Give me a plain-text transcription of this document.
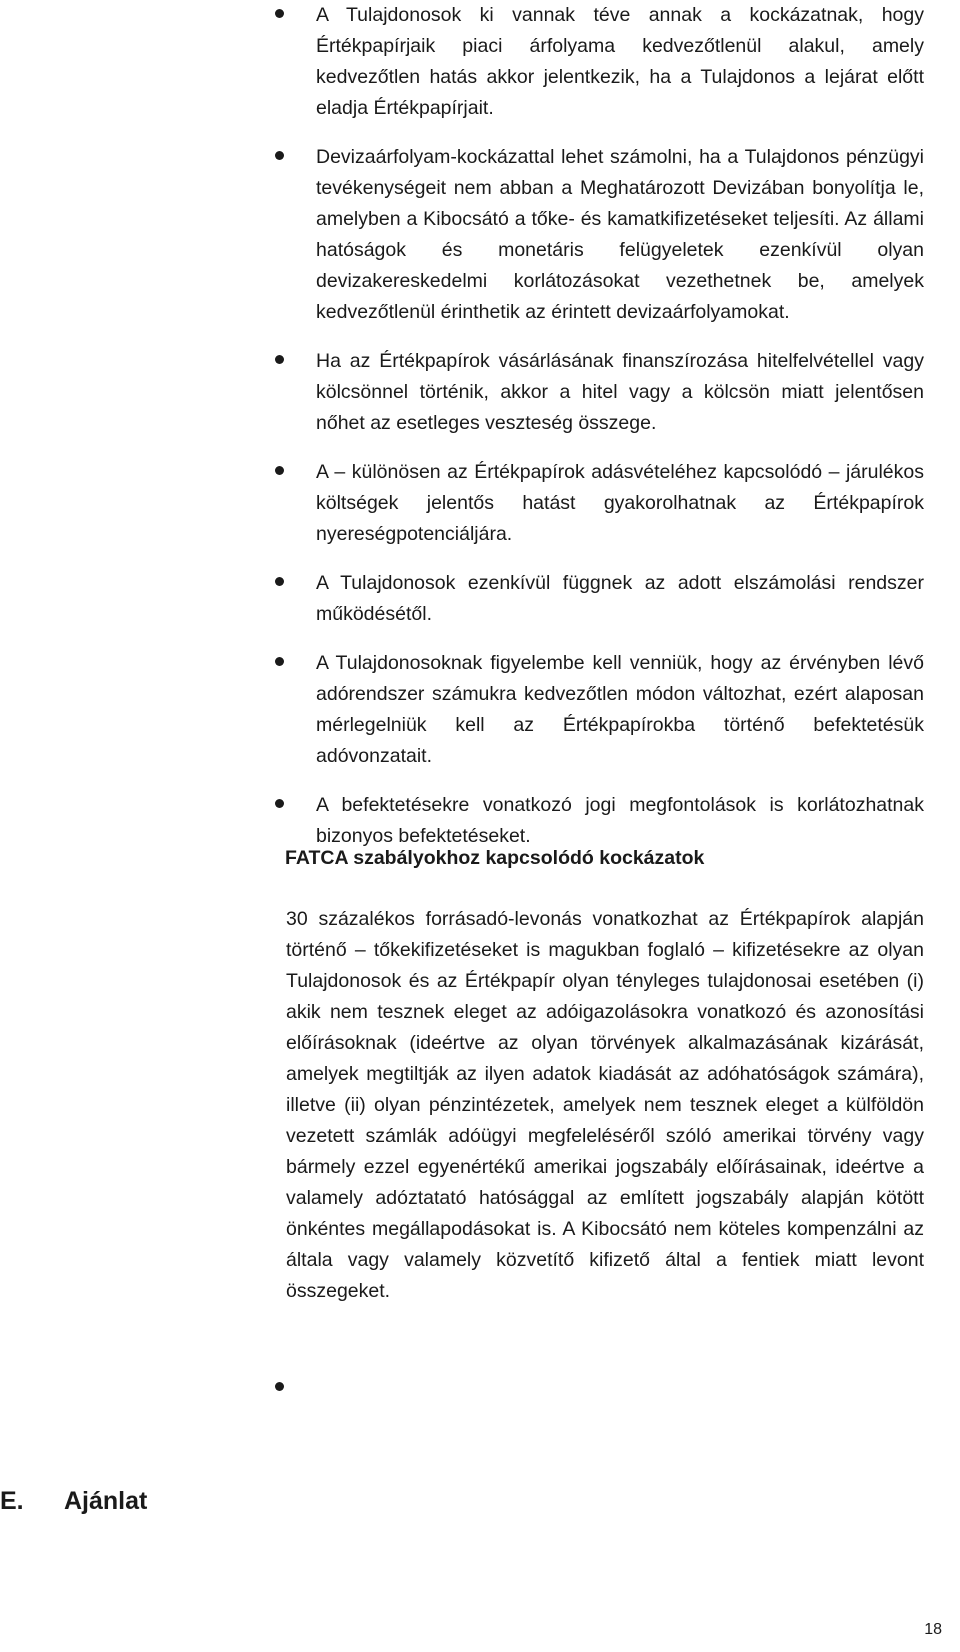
A Tulajdonosok ki vannak téve annak a kockázatnak, hogy Értékpapírjaik piaci árfolyama kedvezőtlenül alakul, amely kedvezőtlen hatás akkor jelentkezik, ha a Tulajdonos a lejárat előtt eladja Értékpapírjait.
Devizaárfolyam-kockázattal lehet számolni, ha a Tulajdonos pénzügyi tevékenységeit nem abban a Meghatározott Devizában bonyolítja le, amelyben a Kibocsátó a tőke- és kamatkifizetéseket teljesíti. Az állami hatóságok és monetáris felügyeletek ezenkívül olyan devizakereskedelmi korlátozásokat vezethetnek be, amelyek kedvezőtlenül érinthetik az érintett devizaárfolyamokat.
Ha az Értékpapírok vásárlásának finanszírozása hitelfelvétellel vagy kölcsönnel történik, akkor a hitel vagy a kölcsön miatt jelentősen nőhet az esetleges veszteség összege.
A – különösen az Értékpapírok adásvételéhez kapcsolódó – járulékos költségek jelentős hatást gyakorolhatnak az Értékpapírok nyereségpotenciáljára.
A Tulajdonosok ezenkívül függnek az adott elszámolási rendszer működésétől.
A Tulajdonosoknak figyelembe kell venniük, hogy az érvényben lévő adórendszer számukra kedvezőtlen módon változhat, ezért alaposan mérlegelniük kell az Értékpapírokba történő befektetésük adóvonzatait.
A befektetésekre vonatkozó jogi megfontolások is korlátozhatnak bizonyos befektetéseket.
FATCA szabályokhoz kapcsolódó kockázatok

30 százalékos forrásadó-levonás vonatkozhat az Értékpapírok alapján történő – tőkekifizetéseket is magukban foglaló – kifizetésekre az olyan Tulajdonosok és az Értékpapír olyan tényleges tulajdonosai esetében (i) akik nem tesznek eleget az adóigazolásokra vonatkozó és azonosítási előírásoknak (ideértve az olyan törvények alkalmazásának kizárását, amelyek megtiltják az ilyen adatok kiadását az adóhatóságok számára), illetve (ii) olyan pénzintézetek, amelyek nem tesznek eleget a külföldön vezetett számlák adóügyi megfeleléséről szóló amerikai törvény vagy bármely ezzel egyenértékű amerikai jogszabály előírásainak, ideértve a valamely adóztatató hatósággal az említett jogszabály alapján kötött önkéntes megállapodásokat is. A Kibocsátó nem köteles kompenzálni az általa vagy valamely közvetítő kifizető által a fentiek miatt levont összegeket.

E. Ajánlat
18
